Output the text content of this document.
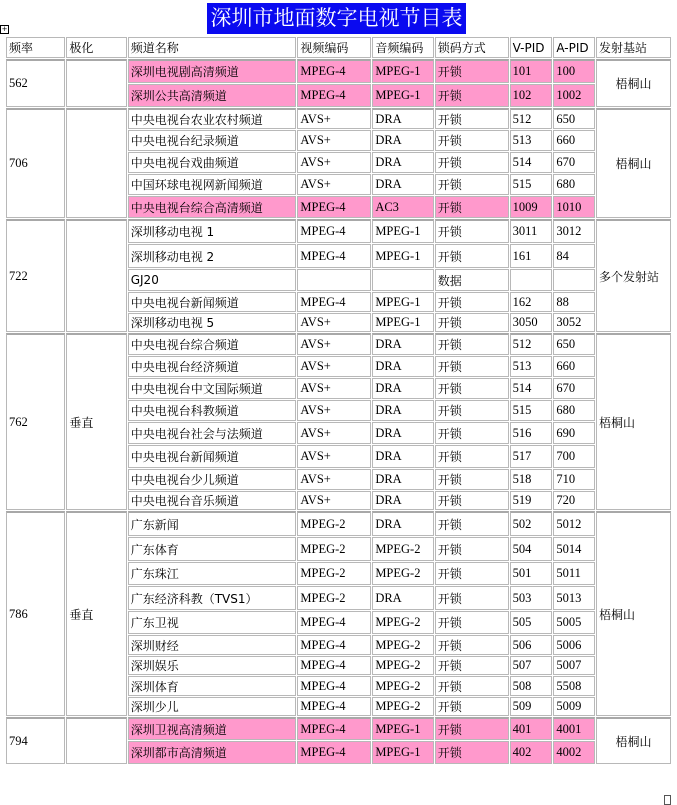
+	深圳市地面数字电视节目表
频率	极化	频道名称	视频编码	音频编码	锁码方式	V-PID	A-PID	发射基站
562		深圳电视剧高清频道	MPEG-4	MPEG-1	开锁	101	100	梧桐山
		深圳公共高清频道	MPEG-4	MPEG-1	开锁	102	1002	
706		中央电视台农业农村频道	AVS+	DRA	开锁	512	650	梧桐山
		中央电视台纪录频道	AVS+	DRA	开锁	513	660	
		中央电视台戏曲频道	AVS+	DRA	开锁	514	670	
		中国环球电视网新闻频道	AVS+	DRA	开锁	515	680	
		中央电视台综合高清频道	MPEG-4	AC3	开锁	1009	1010	
722		深圳移动电视 1	MPEG-4	MPEG-1	开锁	3011	3012	多个发射站
		深圳移动电视 2	MPEG-4	MPEG-1	开锁	161	84	
		GJ20			数据			
		中央电视台新闻频道	MPEG-4	MPEG-1	开锁	162	88	
		深圳移动电视 5	AVS+	MPEG-1	开锁	3050	3052	
762	垂直	中央电视台综合频道	AVS+	DRA	开锁	512	650	梧桐山
		中央电视台经济频道	AVS+	DRA	开锁	513	660	
		中央电视台中文国际频道	AVS+	DRA	开锁	514	670	
		中央电视台科教频道	AVS+	DRA	开锁	515	680	
		中央电视台社会与法频道	AVS+	DRA	开锁	516	690	
		中央电视台新闻频道	AVS+	DRA	开锁	517	700	
		中央电视台少儿频道	AVS+	DRA	开锁	518	710	
		中央电视台音乐频道	AVS+	DRA	开锁	519	720	
786	垂直	广东新闻	MPEG-2	DRA	开锁	502	5012	梧桐山
		广东体育	MPEG-2	MPEG-2	开锁	504	5014	
		广东珠江	MPEG-2	MPEG-2	开锁	501	5011	
		广东经济科教（TVS1）	MPEG-2	DRA	开锁	503	5013	
		广东卫视	MPEG-4	MPEG-2	开锁	505	5005	
		深圳财经	MPEG-4	MPEG-2	开锁	506	5006	
		深圳娱乐	MPEG-4	MPEG-2	开锁	507	5007	
		深圳体育	MPEG-4	MPEG-2	开锁	508	5508	
		深圳少儿	MPEG-4	MPEG-2	开锁	509	5009	
794		深圳卫视高清频道	MPEG-4	MPEG-1	开锁	401	4001	梧桐山
		深圳都市高清频道	MPEG-4	MPEG-1	开锁	402	4002	
